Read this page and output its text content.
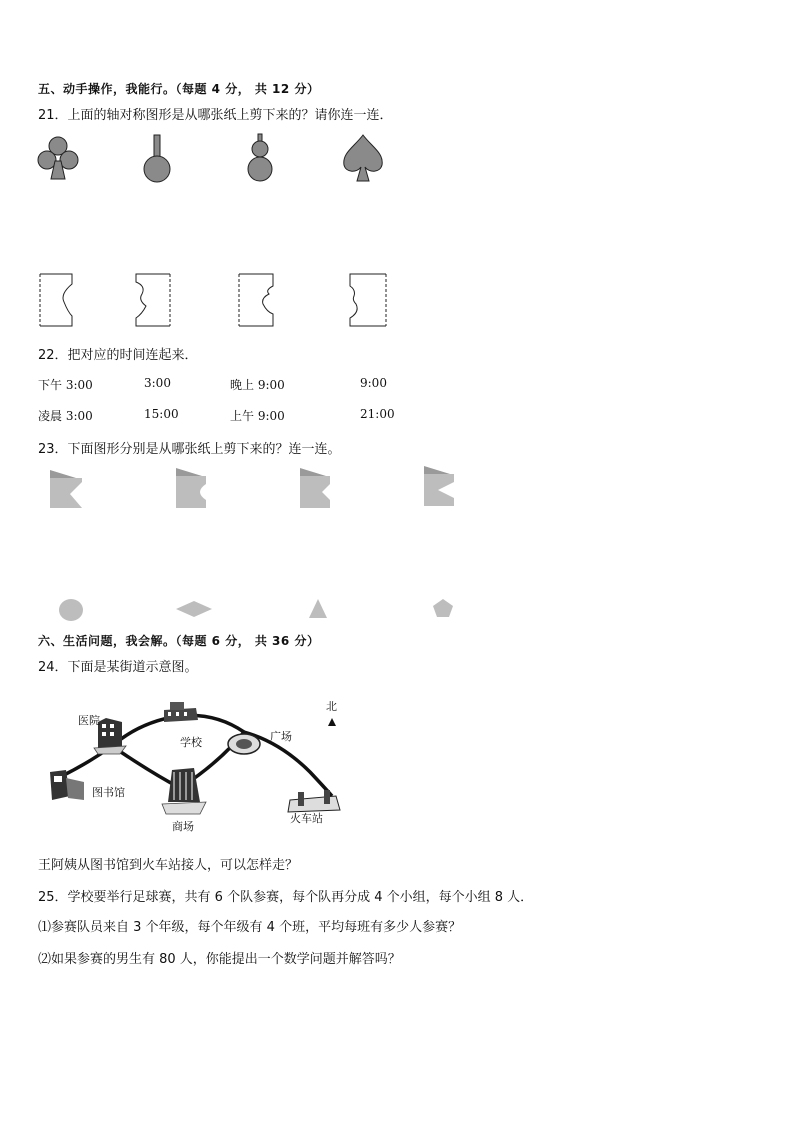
五、动手操作，我能行。（每题 4 分， 共 12 分）
21．上面的轴对称图形是从哪张纸上剪下来的？请你连一连．
22．把对应的时间连起来．
下午 3:00	3:00	晚上 9:00	9:00
凌晨 3:00	15:00	上午 9:00	21:00
23．下面图形分别是从哪张纸上剪下来的？连一连。
六、生活问题，我会解。（每题 6 分， 共 36 分）
24．下面是某街道示意图。
医院
学校	广场
图书馆
商场
火车站
北
王阿姨从图书馆到火车站接人，可以怎样走？
25．学校要举行足球赛，共有 6 个队参赛，每个队再分成 4 个小组，每个小组 8 人．
⑴参赛队员来自 3 个年级，每个年级有 4 个班，平均每班有多少人参赛？
⑵如果参赛的男生有 80 人，你能提出一个数学问题并解答吗？
